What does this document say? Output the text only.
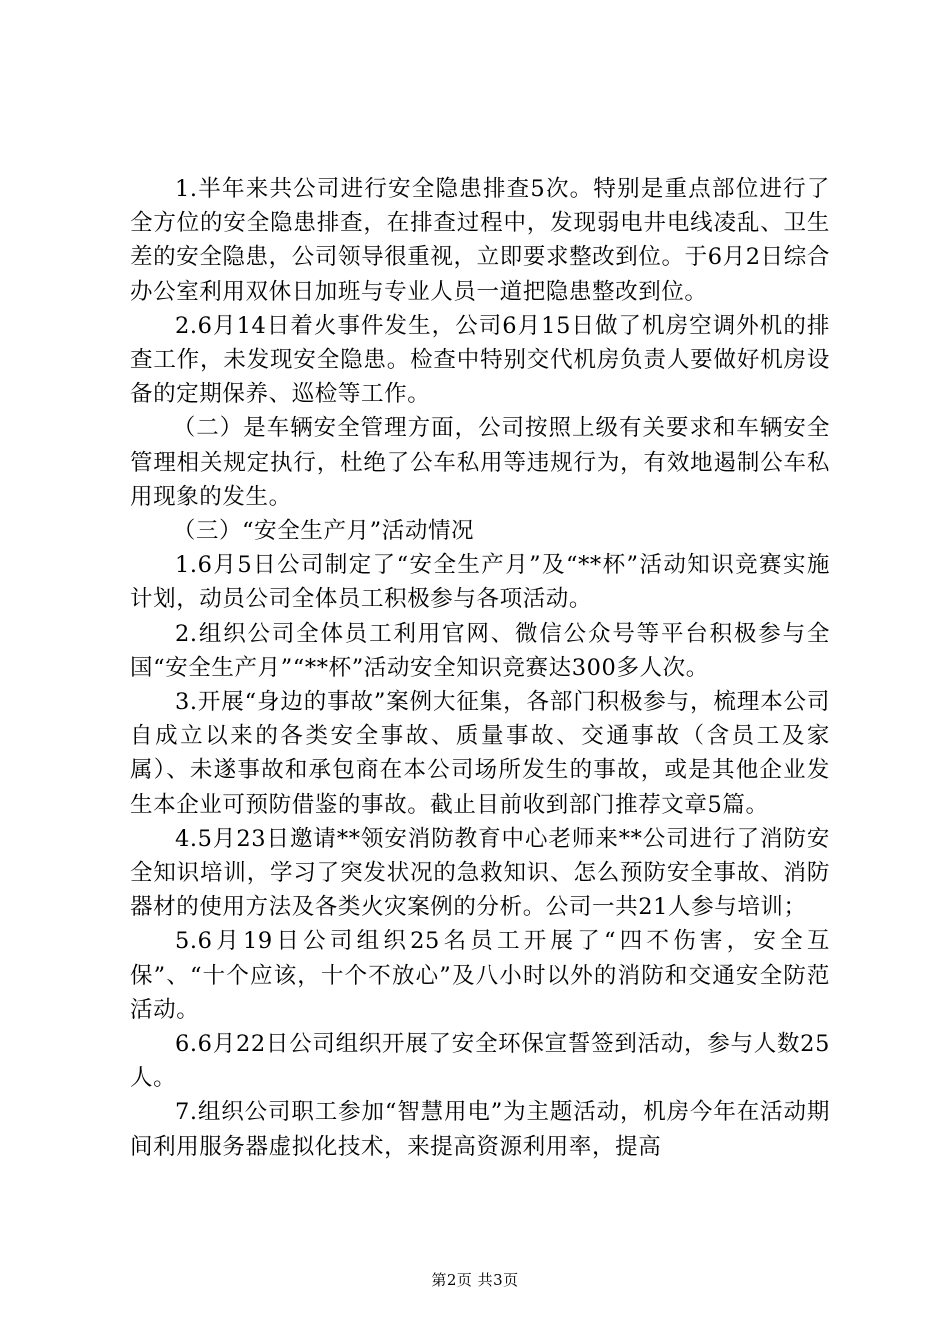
1.半年来共公司进行安全隐患排查5次。特别是重点部位进行了全方位的安全隐患排查，在排查过程中，发现弱电井电线凌乱、卫生差的安全隐患，公司领导很重视，立即要求整改到位。于6月2日综合办公室利用双休日加班与专业人员一道把隐患整改到位。

2.6月14日着火事件发生，公司6月15日做了机房空调外机的排查工作，未发现安全隐患。检查中特别交代机房负责人要做好机房设备的定期保养、巡检等工作。

（二）是车辆安全管理方面，公司按照上级有关要求和车辆安全管理相关规定执行，杜绝了公车私用等违规行为，有效地遏制公车私用现象的发生。

（三）“安全生产月”活动情况

1.6月5日公司制定了“安全生产月”及“**杯”活动知识竞赛实施计划，动员公司全体员工积极参与各项活动。

2.组织公司全体员工利用官网、微信公众号等平台积极参与全国“安全生产月”“**杯”活动安全知识竞赛达300多人次。

3.开展“身边的事故”案例大征集，各部门积极参与，梳理本公司自成立以来的各类安全事故、质量事故、交通事故（含员工及家属）、未遂事故和承包商在本公司场所发生的事故，或是其他企业发生本企业可预防借鉴的事故。截止目前收到部门推荐文章5篇。

4.5月23日邀请**领安消防教育中心老师来**公司进行了消防安全知识培训，学习了突发状况的急救知识、怎么预防安全事故、消防器材的使用方法及各类火灾案例的分析。公司一共21人参与培训；

5.6月19日公司组织25名员工开展了“四不伤害，安全互保”、“十个应该，十个不放心”及八小时以外的消防和交通安全防范活动。

6.6月22日公司组织开展了安全环保宣誓签到活动，参与人数25人。

7.组织公司职工参加“智慧用电”为主题活动，机房今年在活动期间利用服务器虚拟化技术，来提高资源利用率，提高

第2页 共3页
